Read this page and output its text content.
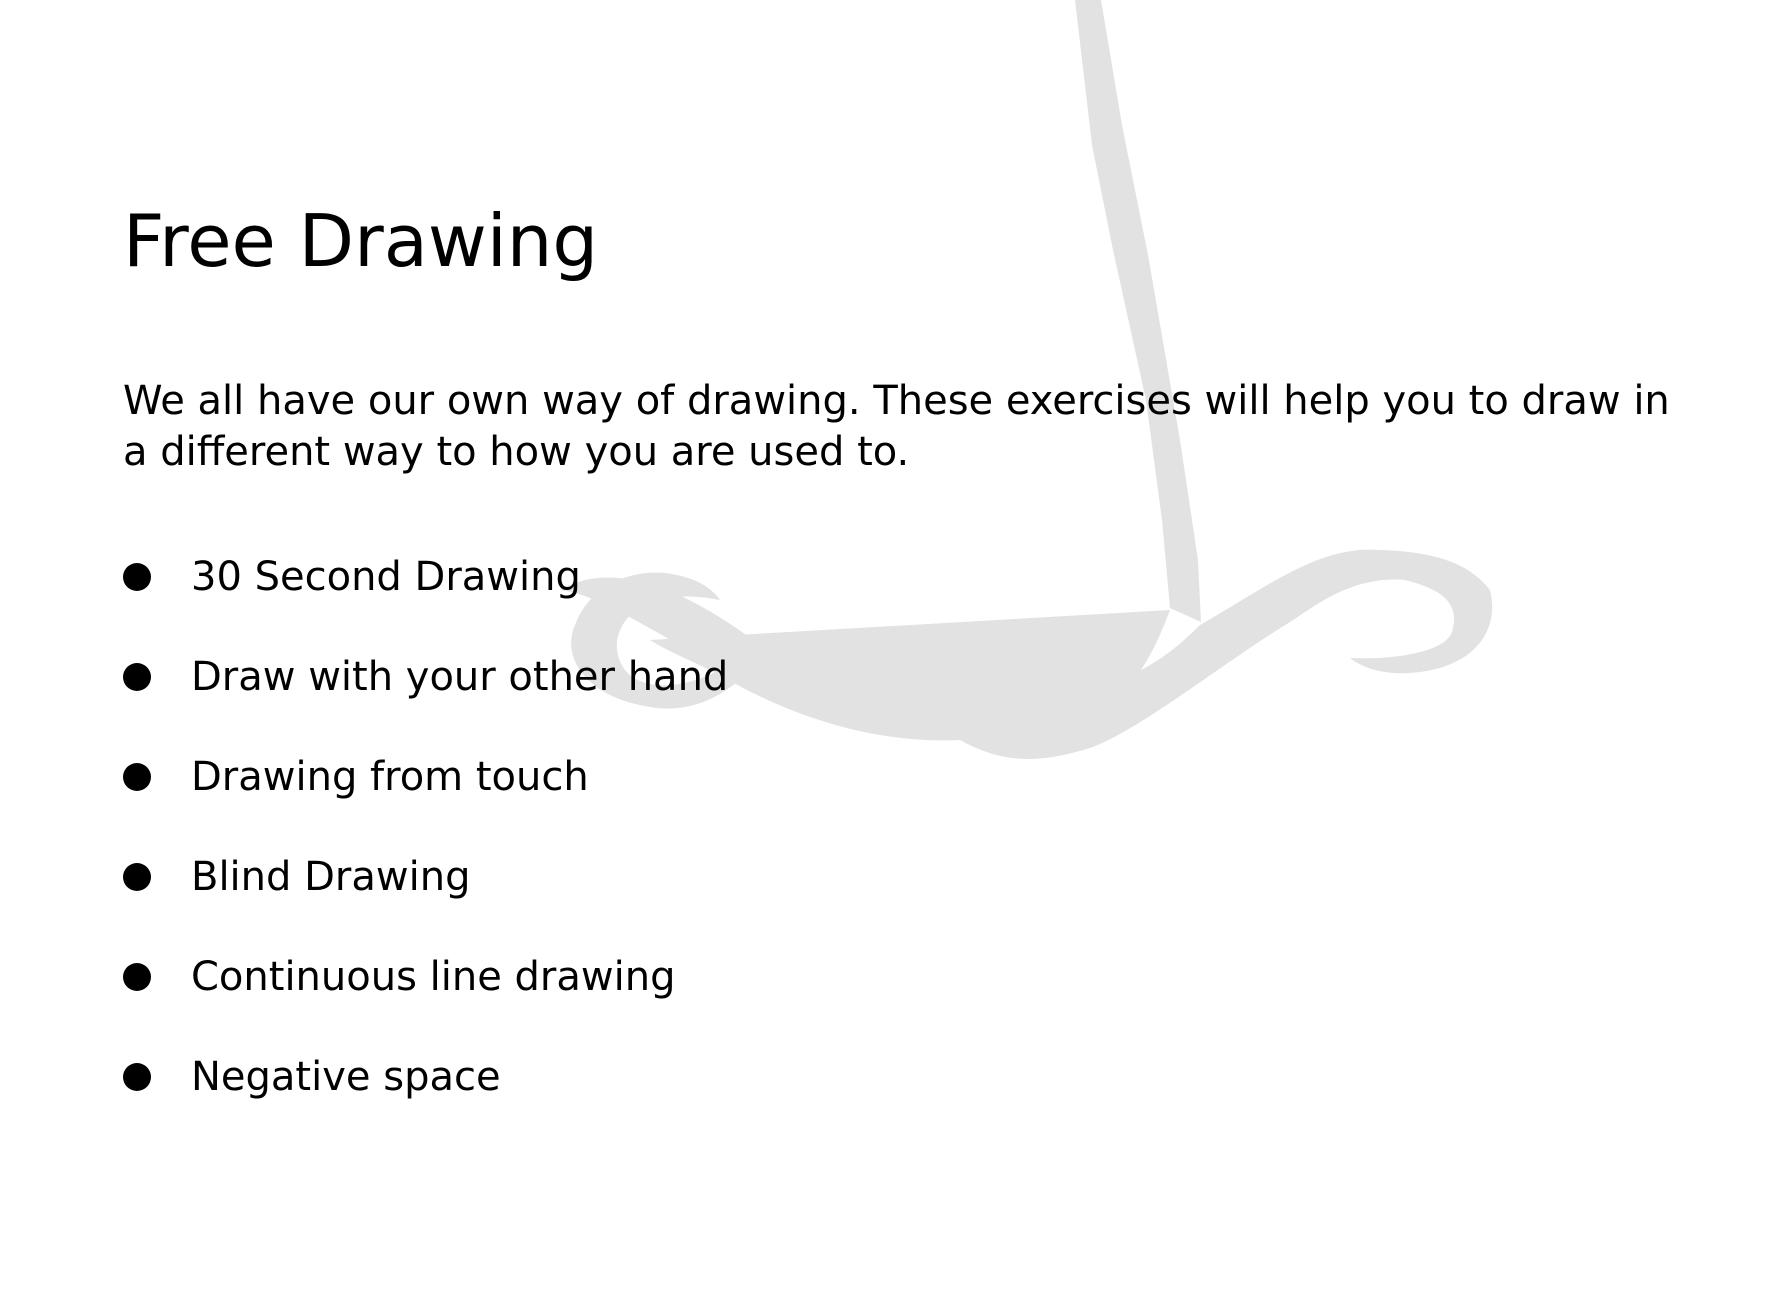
Free Drawing

We all have our own way of drawing. These exercises will help you to draw in a different way to how you are used to.

30 Second Drawing
Draw with your other hand
Drawing from touch
Blind Drawing
Continuous line drawing
Negative space
